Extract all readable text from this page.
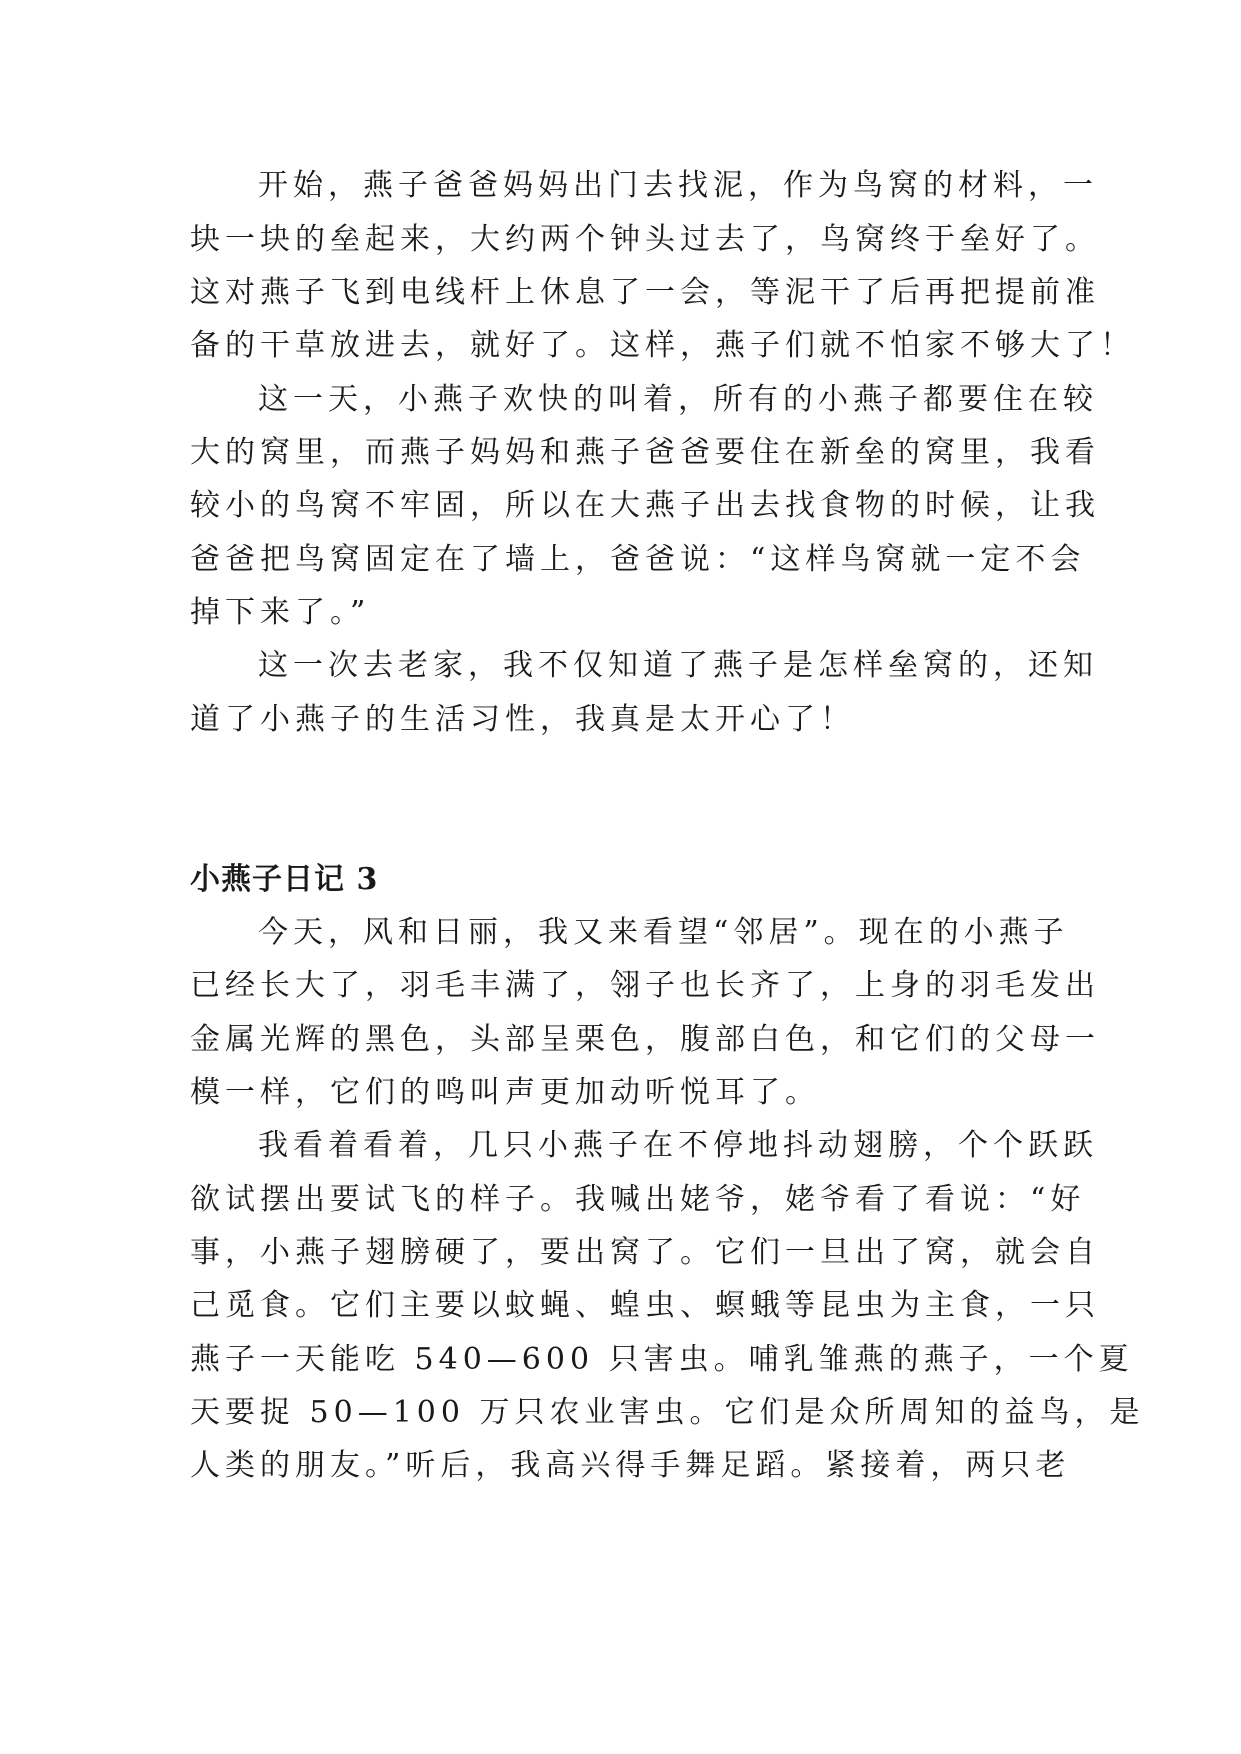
开始，燕子爸爸妈妈出门去找泥，作为鸟窝的材料，一

块一块的垒起来，大约两个钟头过去了，鸟窝终于垒好了。

这对燕子飞到电线杆上休息了一会，等泥干了后再把提前准

备的干草放进去，就好了。这样，燕子们就不怕家不够大了！

这一天，小燕子欢快的叫着，所有的小燕子都要住在较

大的窝里，而燕子妈妈和燕子爸爸要住在新垒的窝里，我看

较小的鸟窝不牢固，所以在大燕子出去找食物的时候，让我

爸爸把鸟窝固定在了墙上，爸爸说：“这样鸟窝就一定不会

掉下来了。”

这一次去老家，我不仅知道了燕子是怎样垒窝的，还知

道了小燕子的生活习性，我真是太开心了！

小燕子日记 3

今天，风和日丽，我又来看望“邻居”。现在的小燕子

已经长大了，羽毛丰满了，翎子也长齐了，上身的羽毛发出

金属光辉的黑色，头部呈栗色，腹部白色，和它们的父母一

模一样，它们的鸣叫声更加动听悦耳了。

我看着看着，几只小燕子在不停地抖动翅膀，个个跃跃

欲试摆出要试飞的样子。我喊出姥爷，姥爷看了看说：“好

事，小燕子翅膀硬了，要出窝了。它们一旦出了窝，就会自

己觅食。它们主要以蚊蝇、蝗虫、螟蛾等昆虫为主食，一只

燕子一天能吃 540—600 只害虫。哺乳雏燕的燕子，一个夏

天要捉 50—100 万只农业害虫。它们是众所周知的益鸟，是

人类的朋友。”听后，我高兴得手舞足蹈。紧接着，两只老
